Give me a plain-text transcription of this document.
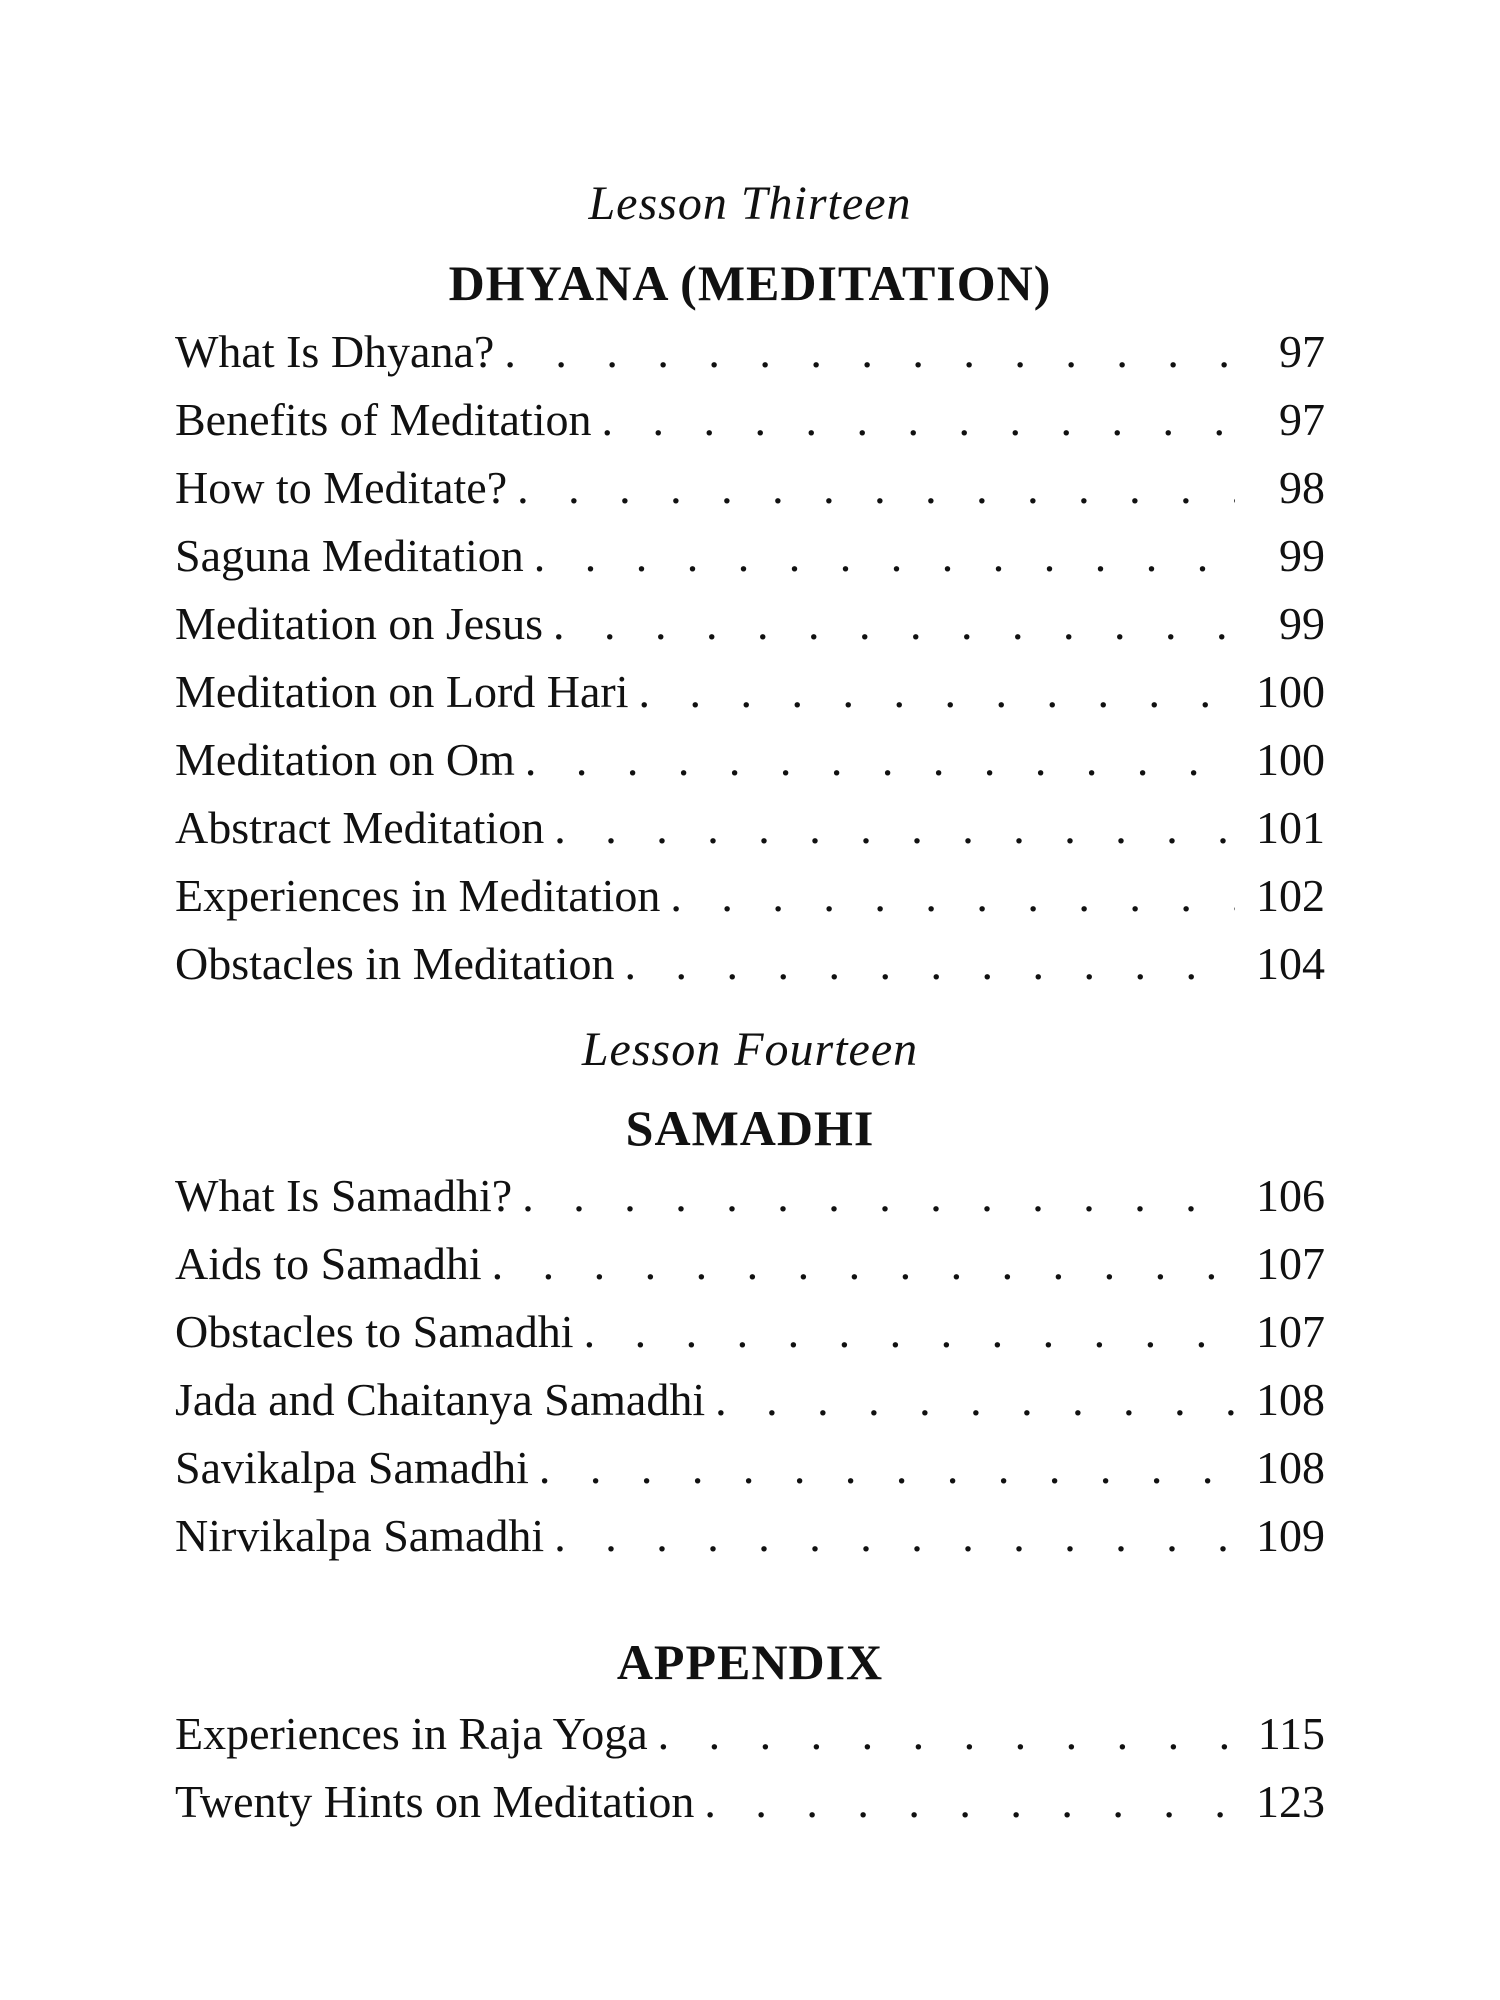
Lesson Thirteen
DHYANA (MEDITATION)
What Is Dhyana? . . .	97
Benefits of Meditation . . .	97
How to Meditate? . . .	98
Saguna Meditation . . .	99
Meditation on Jesus . . .	99
Meditation on Lord Hari . . .	100
Meditation on Om . . .	100
Abstract Meditation . . .	101
Experiences in Meditation . . .	102
Obstacles in Meditation . . .	104
Lesson Fourteen
SAMADHI
What Is Samadhi? . . .	106
Aids to Samadhi . . .	107
Obstacles to Samadhi . . .	107
Jada and Chaitanya Samadhi . . .	108
Savikalpa Samadhi . . .	108
Nirvikalpa Samadhi . . .	109
APPENDIX
Experiences in Raja Yoga . . .	115
Twenty Hints on Meditation . . .	123
